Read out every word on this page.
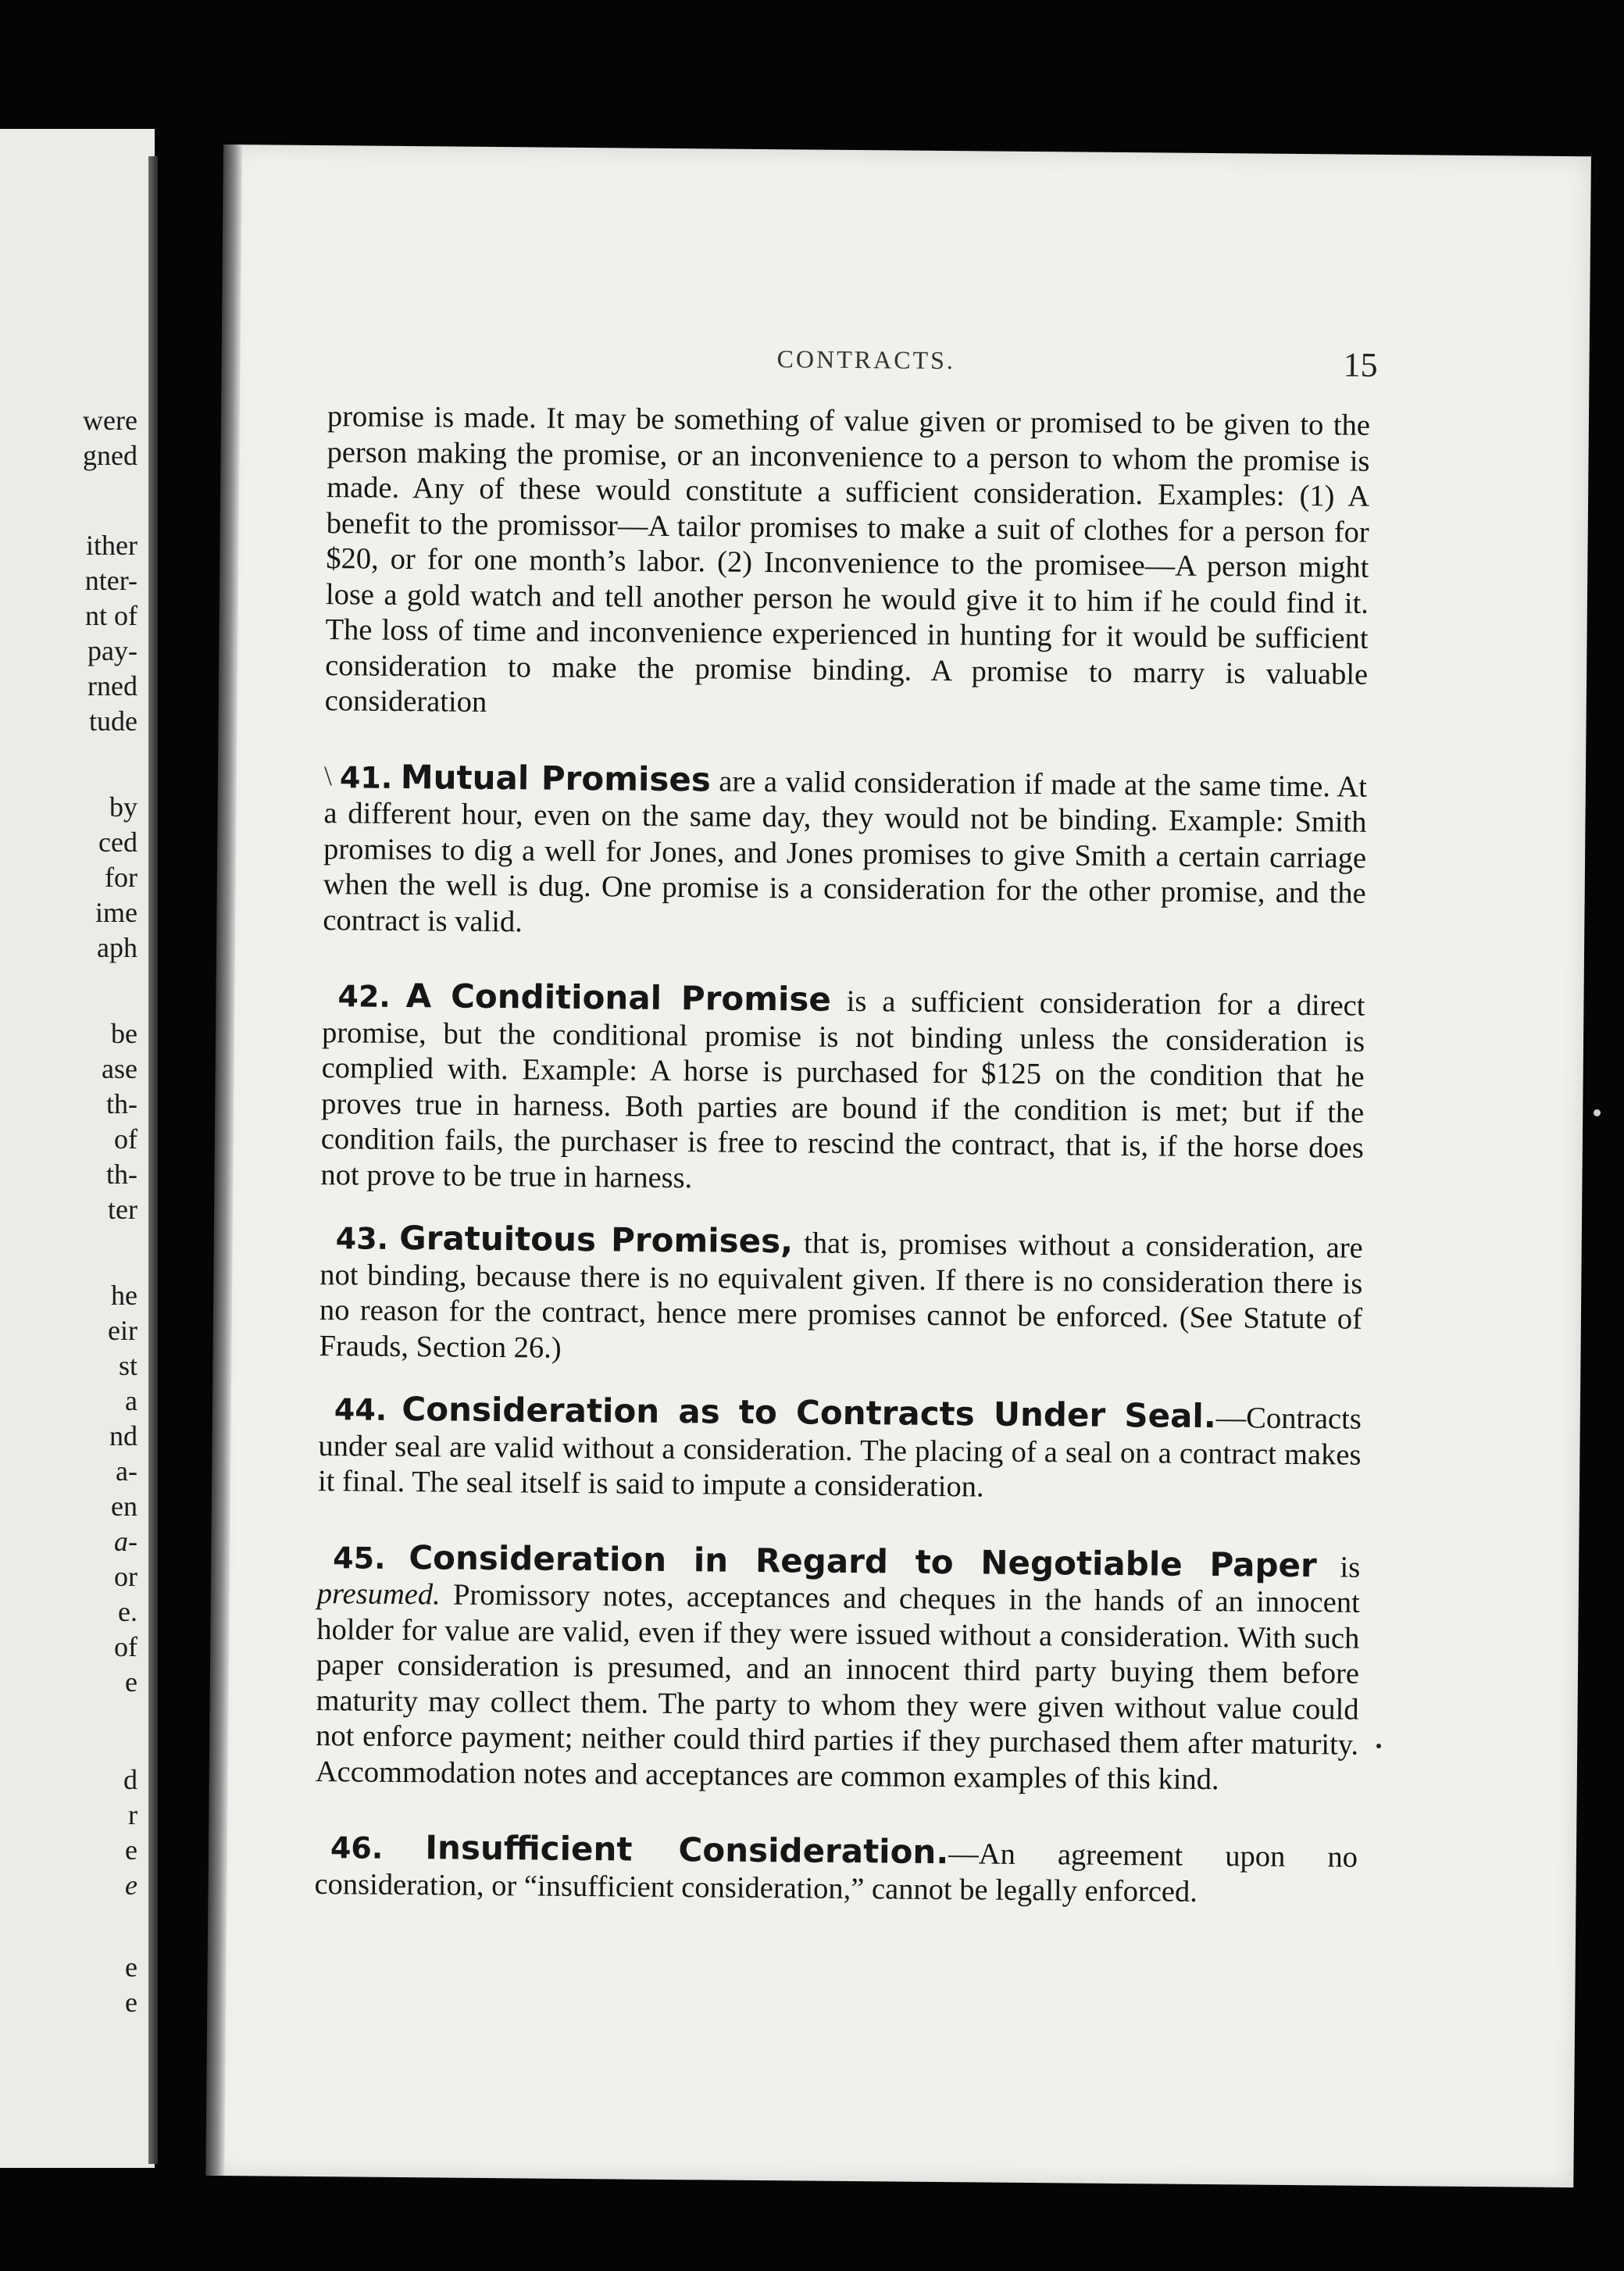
were
gned
ither
nter-
nt of
pay-
rned
tude
by
ced
for
ime
aph
be
ase
th-
of
th-
ter
he
eir
st
a
nd
a-
en
a-
or
e.
of
e
d
r
e
e
e
e
CONTRACTS.	15

promise is made. It may be something of value given or promised to be given to the person making the promise, or an inconvenience to a person to whom the promise is made. Any of these would constitute a sufficient consideration. Examples: (1) A benefit to the promissor—A tailor promises to make a suit of clothes for a person for $20, or for one month’s labor. (2) Inconvenience to the promisee—A person might lose a gold watch and tell another person he would give it to him if he could find it. The loss of time and inconvenience experienced in hunting for it would be sufficient consideration to make the promise binding. A promise to marry is valuable consideration

\ 41. Mutual Promises are a valid consideration if made at the same time. At a different hour, even on the same day, they would not be binding. Example: Smith promises to dig a well for Jones, and Jones promises to give Smith a certain carriage when the well is dug. One promise is a consideration for the other promise, and the contract is valid.

42. A Conditional Promise is a sufficient consideration for a direct promise, but the conditional promise is not binding unless the consideration is complied with. Example: A horse is purchased for $125 on the condition that he proves true in harness. Both parties are bound if the condition is met; but if the condition fails, the purchaser is free to rescind the contract, that is, if the horse does not prove to be true in harness.

43. Gratuitous Promises, that is, promises without a consideration, are not binding, because there is no equivalent given. If there is no consideration there is no reason for the contract, hence mere promises cannot be enforced. (See Statute of Frauds, Section 26.)

44. Consideration as to Contracts Under Seal.—Contracts under seal are valid without a consideration. The placing of a seal on a contract makes it final. The seal itself is said to impute a consideration.

45. Consideration in Regard to Negotiable Paper is presumed. Promissory notes, acceptances and cheques in the hands of an innocent holder for value are valid, even if they were issued without a consideration. With such paper consideration is presumed, and an innocent third party buying them before maturity may collect them. The party to whom they were given without value could not enforce payment; neither could third parties if they purchased them after maturity. Accommodation notes and acceptances are common examples of this kind.

46. Insufficient Consideration.—An agreement upon no consideration, or “insufficient consideration,” cannot be legally enforced.
